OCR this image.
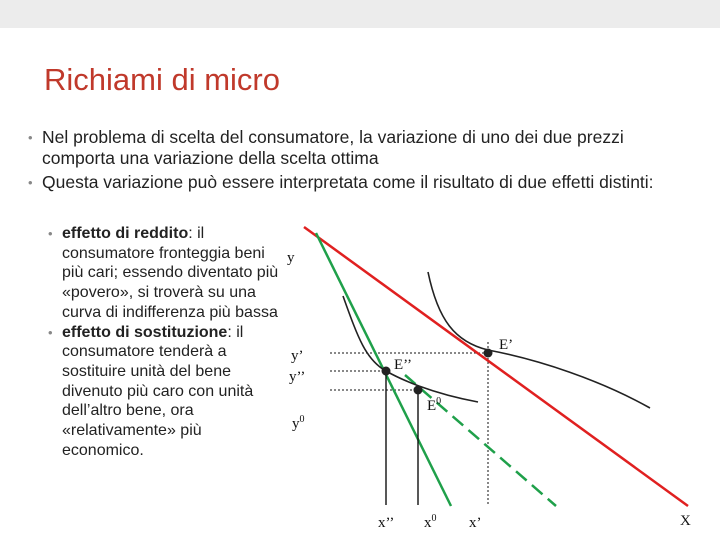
Richiami di micro
• Nel problema di scelta del consumatore, la variazione di uno dei due prezzi comporta una variazione della scelta ottima
• Questa variazione può essere interpretata come il risultato di due effetti distinti:
• effetto di reddito: il consumatore fronteggia beni più cari; essendo diventato più «povero», si troverà su una curva di indifferenza più bassa
• effetto di sostituzione: il consumatore tenderà a sostituire unità del bene divenuto più caro con unità dell’altro bene, ora «relativamente» più economico.
y
y’
y’’
$y^0$
E’
E’’
$E^0$
x’’ $x^0$ x’	X
